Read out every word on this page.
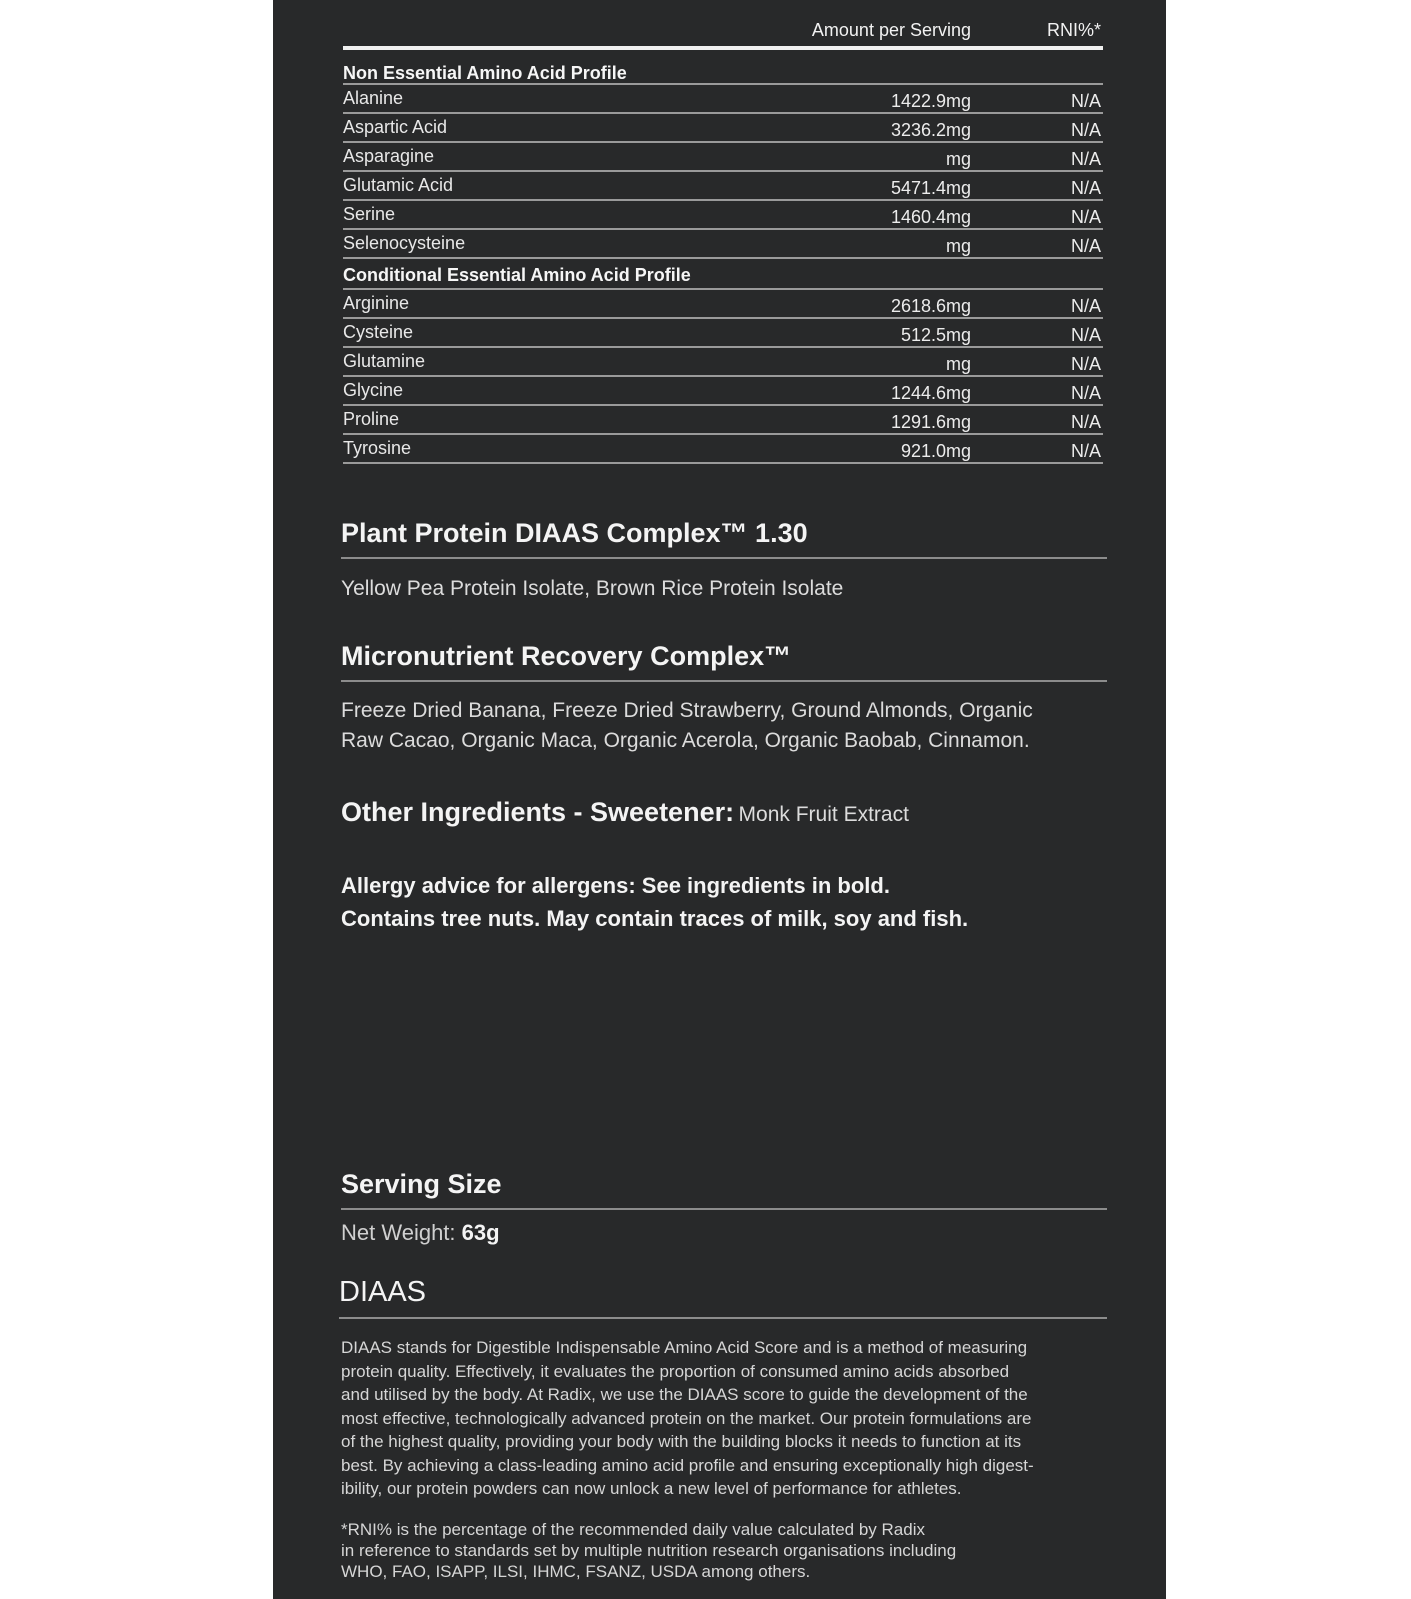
Amount per Serving	RNI%*
Non Essential Amino Acid Profile
Alanine	1422.9mg	N/A
Aspartic Acid	3236.2mg	N/A
Asparagine	mg	N/A
Glutamic Acid	5471.4mg	N/A
Serine	1460.4mg	N/A
Selenocysteine	mg	N/A
Conditional Essential Amino Acid Profile
Arginine	2618.6mg	N/A
Cysteine	512.5mg	N/A
Glutamine	mg	N/A
Glycine	1244.6mg	N/A
Proline	1291.6mg	N/A
Tyrosine	921.0mg	N/A
Plant Protein DIAAS Complex™ 1.30
Yellow Pea Protein Isolate, Brown Rice Protein Isolate
Micronutrient Recovery Complex™
Freeze Dried Banana, Freeze Dried Strawberry, Ground Almonds, Organic
Raw Cacao, Organic Maca, Organic Acerola, Organic Baobab, Cinnamon.
Other Ingredients - Sweetener: Monk Fruit Extract
Allergy advice for allergens: See ingredients in bold.
Contains tree nuts. May contain traces of milk, soy and fish.
Serving Size
Net Weight: 63g
DIAAS
DIAAS stands for Digestible Indispensable Amino Acid Score and is a method of measuring
protein quality. Effectively, it evaluates the proportion of consumed amino acids absorbed
and utilised by the body. At Radix, we use the DIAAS score to guide the development of the
most effective, technologically advanced protein on the market. Our protein formulations are
of the highest quality, providing your body with the building blocks it needs to function at its
best. By achieving a class-leading amino acid profile and ensuring exceptionally high digest-
ibility, our protein powders can now unlock a new level of performance for athletes.
*RNI% is the percentage of the recommended daily value calculated by Radix
in reference to standards set by multiple nutrition research organisations including
WHO, FAO, ISAPP, ILSI, IHMC, FSANZ, USDA among others.
